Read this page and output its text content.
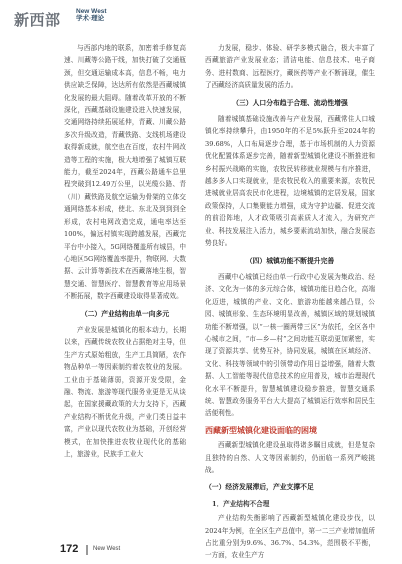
新西部 New West
学术·理论

与西部内地的联系，加密着手修复高速、川藏等公路干线，加快打破了交通瓶颈，但交通运输成本高，信息不畅，电力供应缺乏保障，达达所有依然是西藏城镇化发展的最大阻碍。随着改革开放的不断深化，西藏基础设施建设进入快速发展，交通网络持续拓展延伸，青藏、川藏公路多次升级改造，青藏铁路、支线机场建设取得新成就，航空也在百度，农村牛网改造等工程的实施，极大地增强了城镇互联能力，截至2024年，西藏公路通车总里程突破到12.49万公里，以光缆公路、青（川）藏铁路及航空运输为骨架的立体交通网络基本形成，使北、东北及到到到全形成，农村电网改造完成，通电率达至100%，偏远村镇实现跨越发展，西藏完平台中小接入，5G网络覆盖所有城县，中心地区5G网络覆盖率提升，物联网、大数据、云计算等新技术在西藏落地生根，智慧交通、智慧医疗、智慧教育等应用场景不断拓展，数字西藏建设取得显著成效。

（二）产业结构由单一向多元

产业发展是城镇化的根本动力，长期以来，西藏传统农牧业占据绝对主导，但生产方式原始粗放，生产工具简陋，农作物品种单一等因素制约着农牧业的发展。工业由于基础薄弱，资源开发受限，金融、物流、旅游等现代服务业更是无从谈起，在国家援藏政策的大力支持下，西藏产业结构不断优化升级，产业门类日益丰富，产业以现代农牧业为基础，开创经营模式，在加快推进农牧业现代化的基础上，旅游业，民族手工业大

力发展，稳步、体验、研学多模式融合，极大丰富了西藏旅游产业发展业态；清洁电能、信息技术、电子商务、进村数商、远程医疗，藏医药等产业不断涌现，催生了西藏经济高质量发展的活力。

（三）人口分布趋于合理、流动性增强

随着城镇基础设施改善与产业发展，西藏常住人口城镇化率持续攀升，由1950年的不足5%跃升至2024年的39.68%，人口布局逐步合理，基于市场机制的人力资源优化配置体系逐步完善，随着新型城镇化建设不断推进和乡村振兴战略的实施，农牧民转移就业规模与有序推进，越多多人口实现就业，是农牧民收入的重要来源，农牧民进城就业居高农民市化进程，边境城镇的定居发展，国家政策保持，人口集聚能力增强，成为守护边疆、促进交流的前沿阵地，人才政策吸引高素质人才流入，为研究产业、科技发展注入活力，城乡要素流动加快，融合发展态势良好。

（四）城镇功能不断提升完善

西藏中心城镇已经由单一行政中心发展为集政治、经济、文化为一体的多元综合体，城镇功能日趋合化，高端化迈进，城镇的产业、文化、旅游功能越来越凸显，公园、城镇形象、生态环境明显改善，城镇区域的规划城镇功能不断增强，以“一核一圈两带三区”为依托，全区各中心城市之间，“市—乡—村”之间功能互联动更加紧密，实现了资源共享、优势互补，协同发展，城镇在区域经济、文化、科技等领域中的引领带动作用日益增强，随着大数据、人工智能等现代信息技术的应用普及，城市治理现代化水平不断提升，智慧城镇建设稳步推进，智慧交通系统、智慧政务服务平台大大提高了城镇运行效率和居民生活便利性。

西藏新型城镇化建设面临的困境

西藏新型城镇化建设虽取得诸多瞩目成就，但是复杂且独特的自然、人文等因素制约，仍面临一系列严峻挑战。

（一）经济发展滞后，产业支撑不足
1．产业结构不合理

产业结构失衡影响了西藏新型城镇化建设步伐，以2024年为例，在全区生产总值中，第一二三产业增加值所占比重分别为9.6%、36.7%、54.3%，范围极不平衡，一方面，农业生产方

172 New West
